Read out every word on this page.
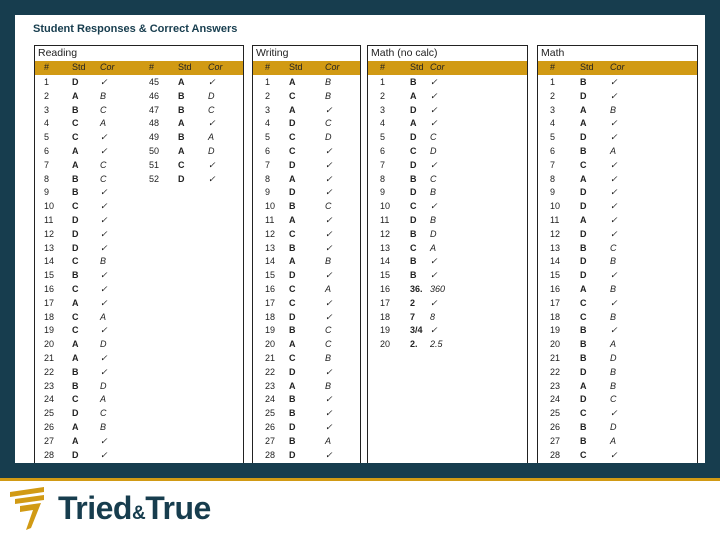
Student Responses & Correct Answers
Reading
#	Std Cor	#	Std Cor
1	D ✓
2	A B
3	B C
4	C A
5	C ✓
6	A ✓
7	A C
8	B C
9	B ✓
10 C ✓
11 D ✓
12 D ✓
13 D ✓
14 C B
15 B ✓
16 C ✓
17 A ✓
18 C A
19 C ✓
20 A D
21 A ✓
22 B ✓
23 B D
24 C A
25 D C
26 A B
27 A ✓
28 D ✓
45 A	✓
46 B	D
47 B	C
48 A	✓
49 B	A
50 A	D
51 C	✓
52 D	✓
Writing
# Std Cor
1 A	B
2 C	B
3 A	✓
4 D	C
5 C	D
6 C	✓
7 D	✓
8 A	✓
9 D	✓
10 B	C
11 A	✓
12 C	✓
13 B	✓
14 A	B
15 D	✓
16 C	A
17 C	✓
18 D	✓
19 B	C
20 A	C
21 C	B
22 D	✓
23 A	B
24 B	✓
25 B	✓
26 D	✓
27 B	A
28 D	✓
Math (no calc)
#	Std Cor
1	B ✓
2	A ✓
3	D ✓
4	A ✓
5	D C
6	C D
7	D ✓
8	B C
9	D B
10 C ✓
11 D B
12 B D
13 C A
14 B ✓
15 B ✓
16 36. 360
17 2 ✓
18 7 8
19 3/4 ✓
20 2. 2.5
Math
#	Std Cor
1	B	✓
2	D	✓
3	A	B
4	A	✓
5	D	✓
6	B	A
7	C	✓
8	A	✓
9	D	✓
10 D	✓
11 A	✓
12 D	✓
13 B	C
14 D	B
15 D	✓
16 A	B
17 C	✓
18 C	B
19 B	✓
20 B	A
21 B	D
22 D	B
23 A	B
24 D	C
25 C	✓
26 B	D
27 B	A
28 C	✓
Tried&True
